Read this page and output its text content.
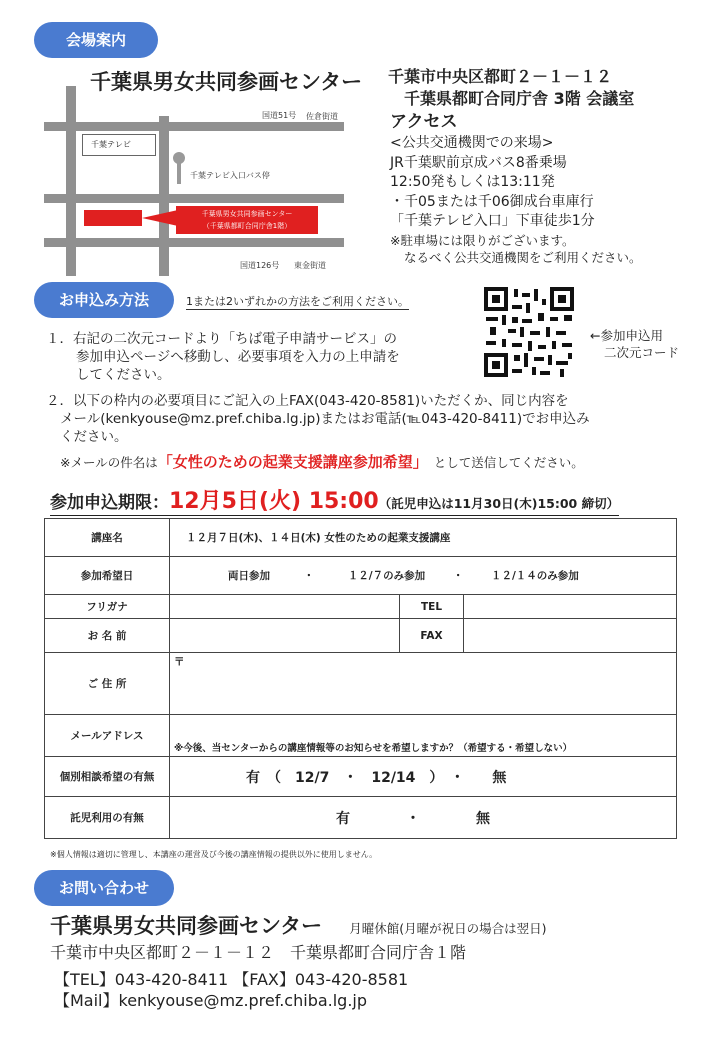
会場案内
千葉県男女共同参画センター 千葉市中央区都町２－１－１２
千葉県都町合同庁舎 3階 会議室
国道51号 佐倉街道
千葉テレビ
千葉テレビ入口バス停
千葉県男女共同参画センター
（千葉県都町合同庁舎1階）
国道126号 東金街道
アクセス
<公共交通機関での来場>
JR千葉駅前京成バス8番乗場
12:50発もしくは13:11発
・千05または千06御成台車庫行
「千葉テレビ入口」下車徒歩1分
※駐車場には限りがございます。
なるべく公共交通機関をご利用ください。
お申込み方法	1または2いずれかの方法をご利用ください。
←参加申込用
二次元コード
１．右記の二次元コードより「ちば電子申請サービス」の
参加申込ページへ移動し、必要事項を入力の上申請を
してください。
２．以下の枠内の必要項目にご記入の上FAX(043-420-8581)いただくか、同じ内容を
メール(kenkyouse@mz.pref.chiba.lg.jp)またはお電話(℡043-420-8411)でお申込み
ください。
※メールの件名は「女性のための起業支援講座参加希望」 として送信してください。
参加申込期限：12月5日(火) 15:00（託児申込は11月30日(木)15:00 締切）
講座名	１２月７日(木)、１４日(木) 女性のための起業支援講座		
参加希望日	両日参加 ・ １２/７のみ参加 ・ １２/１４のみ参加		
フリガナ		TEL	
お 名 前		FAX	
ご 住 所	〒		
メールアドレス	※今後、当センターからの講座情報等のお知らせを希望しますか？（希望する・希望しない）		
個別相談希望の有無	有　（　12/7　・　12/14　）　・　　無		
託児利用の有無	有　　　　・　　　　無		
※個人情報は適切に管理し、本講座の運営及び今後の講座情報の提供以外に使用しません。
お問い合わせ
千葉県男女共同参画センター 月曜休館(月曜が祝日の場合は翌日)
千葉市中央区都町２－１－１２　千葉県都町合同庁舎１階
【TEL】043-420-8411 【FAX】043-420-8581
【Mail】kenkyouse@mz.pref.chiba.lg.jp
